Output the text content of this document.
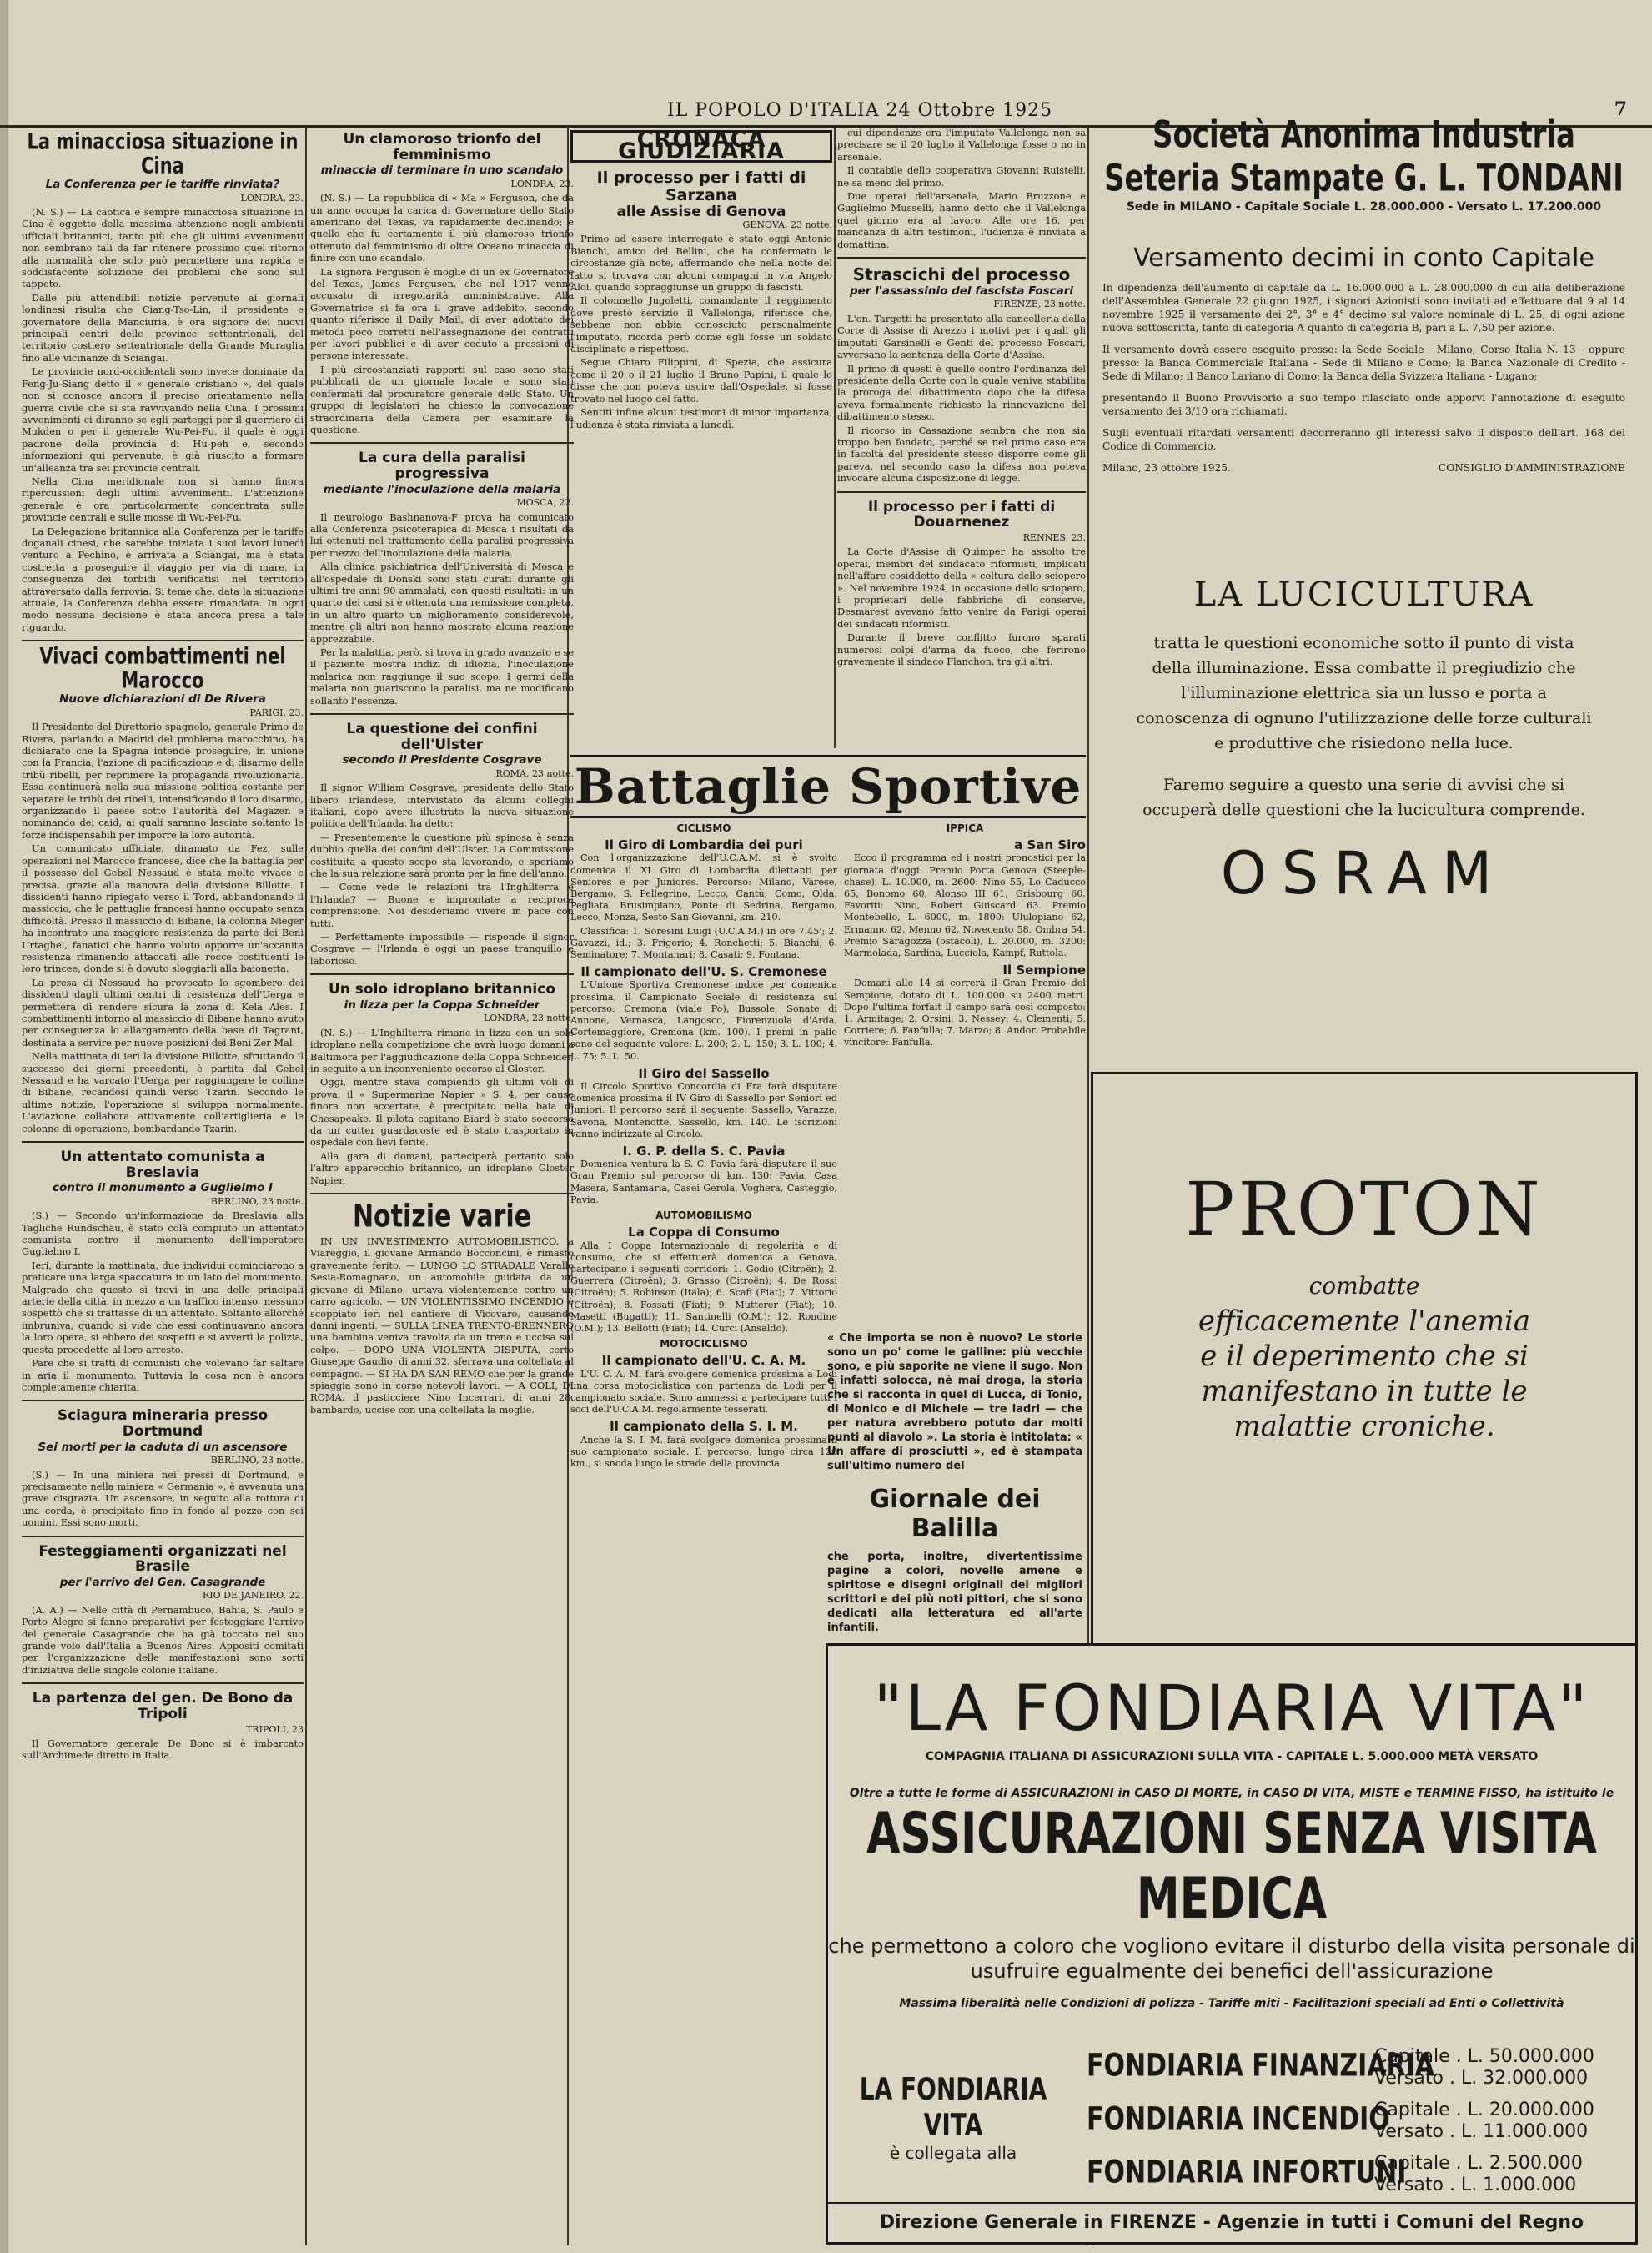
IL POPOLO D'ITALIA 24 Ottobre 1925	7
La minacciosa situazione in Cina
La Conferenza per le tariffe rinviata?
LONDRA, 23.

(N. S.) — La caotica e sempre minacciosa situazione in Cina è oggetto della massima attenzione negli ambienti ufficiali britannici, tanto più che gli ultimi avvenimenti non sembrano tali da far ritenere prossimo quel ritorno alla normalità che solo può permettere una rapida e soddisfacente soluzione dei problemi che sono sul tappeto.

Dalle più attendibili notizie pervenute ai giornali londinesi risulta che Ciang-Tso-Lin, il presidente e governatore della Manciuria, è ora signore dei nuovi principali centri delle province settentrionali, del territorio costiero settentrionale della Grande Muraglia fino alle vicinanze di Sciangai.

Le provincie nord-occidentali sono invece dominate da Feng-Ju-Siang detto il « generale cristiano », del quale non si conosce ancora il preciso orientamento nella guerra civile che si sta ravvivando nella Cina. I prossimi avvenimenti ci diranno se egli parteggi per il guerriero di Mukden o per il generale Wu-Pei-Fu, il quale è oggi padrone della provincia di Hu-peh e, secondo informazioni qui pervenute, è già riuscito a formare un'alleanza tra sei provincie centrali.

Nella Cina meridionale non si hanno finora ripercussioni degli ultimi avvenimenti. L'attenzione generale è ora particolarmente concentrata sulle provincie centrali e sulle mosse di Wu-Pei-Fu.

La Delegazione britannica alla Conferenza per le tariffe doganali cinesi, che sarebbe iniziata i suoi lavori lunedì venturo a Pechino, è arrivata a Sciangai, ma è stata costretta a proseguire il viaggio per via di mare, in conseguenza dei torbidi verificatisi nel territorio attraversato dalla ferrovia. Si teme che, data la situazione attuale, la Conferenza debba essere rimandata. In ogni modo nessuna decisione è stata ancora presa a tale riguardo.

Vivaci combattimenti nel Marocco
Nuove dichiarazioni di De Rivera
PARIGI, 23.

Il Presidente del Direttorio spagnolo, generale Primo de Rivera, parlando a Madrid del problema marocchino, ha dichiarato che la Spagna intende proseguire, in unione con la Francia, l'azione di pacificazione e di disarmo delle tribù ribelli, per reprimere la propaganda rivoluzionaria. Essa continuerà nella sua missione politica costante per separare le tribù dei ribelli, intensificando il loro disarmo, organizzando il paese sotto l'autorità del Magazen e nominando dei caid, ai quali saranno lasciate soltanto le forze indispensabili per imporre la loro autorità.

Un comunicato ufficiale, diramato da Fez, sulle operazioni nel Marocco francese, dice che la battaglia per il possesso del Gebel Nessaud è stata molto vivace e precisa, grazie alla manovra della divisione Billotte. I dissidenti hanno ripiegato verso il Tord, abbandonando il massiccio, che le pattuglie francesi hanno occupato senza difficoltà. Presso il massiccio di Bibane, la colonna Nieger ha incontrato una maggiore resistenza da parte dei Beni Urtaghel, fanatici che hanno voluto opporre un'accanita resistenza rimanendo attaccati alle rocce costituenti le loro trincee, donde si è dovuto sloggiarli alla baionetta.

La presa di Nessaud ha provocato lo sgombero dei dissidenti dagli ultimi centri di resistenza dell'Uerga e permetterà di rendere sicura la zona di Kela Ales. I combattimenti intorno al massiccio di Bibane hanno avuto per conseguenza lo allargamento della base di Tagrant, destinata a servire per nuove posizioni dei Beni Zer Mal.

Nella mattinata di ieri la divisione Billotte, sfruttando il successo dei giorni precedenti, è partita dal Gebel Nessaud e ha varcato l'Uerga per raggiungere le colline di Bibane, recandosi quindi verso Tzarin. Secondo le ultime notizie, l'operazione si sviluppa normalmente. L'aviazione collabora attivamente coll'artiglieria e le colonne di operazione, bombardando Tzarin.

Un attentato comunista a Breslavia
contro il monumento a Guglielmo I
BERLINO, 23 notte.

(S.) — Secondo un'informazione da Breslavia alla Tagliche Rundschau, è stato colà compiuto un attentato comunista contro il monumento dell'imperatore Guglielmo I.

Ieri, durante la mattinata, due individui cominciarono a praticare una larga spaccatura in un lato del monumento. Malgrado che questo si trovi in una delle principali arterie della città, in mezzo a un traffico intenso, nessuno sospettò che si trattasse di un attentato. Soltanto allorché imbruniva, quando si vide che essi continuavano ancora la loro opera, si ebbero dei sospetti e si avvertì la polizia, questa procedette al loro arresto.

Pare che si tratti di comunisti che volevano far saltare in aria il monumento. Tuttavia la cosa non è ancora completamente chiarita.

Sciagura mineraria presso Dortmund
Sei morti per la caduta di un ascensore
BERLINO, 23 notte.

(S.) — In una miniera nei pressi di Dortmund, e precisamente nella miniera « Germania », è avvenuta una grave disgrazia. Un ascensore, in seguito alla rottura di una corda, è precipitato fino in fondo al pozzo con sei uomini. Essi sono morti.

Festeggiamenti organizzati nel Brasile
per l'arrivo del Gen. Casagrande
RIO DE JANEIRO, 22.

(A. A.) — Nelle città di Pernambuco, Bahia, S. Paulo e Porto Alegre si fanno preparativi per festeggiare l'arrivo del generale Casagrande che ha già toccato nel suo grande volo dall'Italia a Buenos Aires. Appositi comitati per l'organizzazione delle manifestazioni sono sorti d'iniziativa delle singole colonie italiane.

La partenza del gen. De Bono da Tripoli
TRIPOLI, 23

Il Governatore generale De Bono si è imbarcato sull'Archimede diretto in Italia.

Un clamoroso trionfo del femminismo
minaccia di terminare in uno scandalo
LONDRA, 23.

(N. S.) — La repubblica di « Ma » Ferguson, che da un anno occupa la carica di Governatore dello Stato americano del Texas, va rapidamente declinando; e quello che fu certamente il più clamoroso trionfo ottenuto dal femminismo di oltre Oceano minaccia di finire con uno scandalo.

La signora Ferguson è moglie di un ex Governatore del Texas, James Ferguson, che nel 1917 venne accusato di irregolarità amministrative. Alla Governatrice si fa ora il grave addebito, secondo quanto riferisce il Daily Mail, di aver adottato dei metodi poco corretti nell'assegnazione dei contratti per lavori pubblici e di aver ceduto a pressioni di persone interessate.

I più circostanziati rapporti sul caso sono stati pubblicati da un giornale locale e sono stati confermati dal procuratore generale dello Stato. Un gruppo di legislatori ha chiesto la convocazione straordinaria della Camera per esaminare la questione.

La cura della paralisi progressiva
mediante l'inoculazione della malaria
MOSCA, 22.

Il neurologo Bashnanova-F prova ha comunicato alla Conferenza psicoterapica di Mosca i risultati da lui ottenuti nel trattamento della paralisi progressiva per mezzo dell'inoculazione della malaria.

Alla clinica psichiatrica dell'Università di Mosca e all'ospedale di Donski sono stati curati durante gli ultimi tre anni 90 ammalati, con questi risultati: in un quarto dei casi si è ottenuta una remissione completa, in un altro quarto un miglioramento considerevole, mentre gli altri non hanno mostrato alcuna reazione apprezzabile.

Per la malattia, però, si trova in grado avanzato e se il paziente mostra indizi di idiozia, l'inoculazione malarica non raggiunge il suo scopo. I germi della malaria non guariscono la paralisi, ma ne modificano sollanto l'essenza.

La questione dei confini dell'Ulster
secondo il Presidente Cosgrave
ROMA, 23 notte.

Il signor William Cosgrave, presidente dello Stato libero irlandese, intervistato da alcuni colleghi italiani, dopo avere illustrato la nuova situazione politica dell'Irlanda, ha detto:

— Presentemente la questione più spinosa è senza dubbio quella dei confini dell'Ulster. La Commissione costituita a questo scopo sta lavorando, e speriamo che la sua relazione sarà pronta per la fine dell'anno.

— Come vede le relazioni tra l'Inghilterra e l'Irlanda? — Buone e improntate a reciproca comprensione. Noi desideriamo vivere in pace con tutti.

— Perfettamente impossibile — risponde il signor Cosgrave — l'Irlanda è oggi un paese tranquillo e laborioso.

Un solo idroplano britannico
in lizza per la Coppa Schneider
LONDRA, 23 notte.

(N. S.) — L'Inghilterra rimane in lizza con un solo idroplano nella competizione che avrà luogo domani a Baltimora per l'aggiudicazione della Coppa Schneider, in seguito a un inconveniente occorso al Gloster.

Oggi, mentre stava compiendo gli ultimi voli di prova, il « Supermarine Napier » S. 4, per cause finora non accertate, è precipitato nella baia di Chesapeake. Il pilota capitano Biard è stato soccorso da un cutter guardacoste ed è stato trasportato in ospedale con lievi ferite.

Alla gara di domani, parteciperà pertanto solo l'altro apparecchio britannico, un idroplano Gloster Napier.

Notizie varie

IN UN INVESTIMENTO AUTOMOBILISTICO, a Viareggio, il giovane Armando Bocconcini, è rimasto gravemente ferito. — LUNGO LO STRADALE Varallo Sesia-Romagnano, un automobile guidata da un giovane di Milano, urtava violentemente contro un carro agricolo. — UN VIOLENTISSIMO INCENDIO è scoppiato ieri nel cantiere di Vicovaro, causando danni ingenti. — SULLA LINEA TRENTO-BRENNERO una bambina veniva travolta da un treno e uccisa sul colpo. — DOPO UNA VIOLENTA DISPUTA, certo Giuseppe Gaudio, di anni 32, sferrava una coltellata al compagno. — SI HA DA SAN REMO che per la grande spiaggia sono in corso notevoli lavori. — A COLI, DI ROMA, il pasticciere Nino Incerrari, di anni 28, bambardo, uccise con una coltellata la moglie.

CRONACA GIUDIZIARIA
Il processo per i fatti di Sarzana
alle Assise di Genova
GENOVA, 23 notte.

Primo ad essere interrogato è stato oggi Antonio Bianchi, amico del Bellini, che ha confermato le circostanze già note, affermando che nella notte del fatto si trovava con alcuni compagni in via Angelo Aloi, quando sopraggiunse un gruppo di fascisti.

Il colonnello Jugoletti, comandante il reggimento dove prestò servizio il Vallelonga, riferisce che, sebbene non abbia conosciuto personalmente l'imputato, ricorda però come egli fosse un soldato disciplinato e rispettoso.

Segue Chiaro Filippini, di Spezia, che assicura come il 20 o il 21 luglio il Bruno Papini, il quale lo disse che non poteva uscire dall'Ospedale, si fosse trovato nel luogo del fatto.

Sentiti infine alcuni testimoni di minor importanza, l'udienza è stata rinviata a lunedì.

cui dipendenze era l'imputato Vallelonga non sa precisare se il 20 luglio il Vallelonga fosse o no in arsenale.

Il contabile dello cooperativa Giovanni Ruistelli, ne sa meno del primo.

Due operai dell'arsenale, Mario Bruzzone e Guglielmo Musselli, hanno detto che il Vallelonga quel giorno era al lavoro. Alle ore 16, per mancanza di altri testimoni, l'udienza è rinviata a domattina.

Strascichi del processo
per l'assassinio del fascista Foscari
FIRENZE, 23 notte.

L'on. Targetti ha presentato alla cancelleria della Corte di Assise di Arezzo i motivi per i quali gli imputati Garsinelli e Genti del processo Foscari, avversano la sentenza della Corte d'Assise.

Il primo di questi è quello contro l'ordinanza del presidente della Corte con la quale veniva stabilita la proroga del dibattimento dopo che la difesa aveva formalmente richiesto la rinnovazione del dibattimento stesso.

Il ricorso in Cassazione sembra che non sia troppo ben fondato, perché se nel primo caso era in facoltà del presidente stesso disporre come gli pareva, nel secondo caso la difesa non poteva invocare alcuna disposizione di legge.

Il processo per i fatti di Douarnenez
RENNES, 23.

La Corte d'Assise di Quimper ha assolto tre operai, membri del sindacato riformisti, implicati nell'affare cosiddetto della « coltura dello sciopero ». Nel novembre 1924, in occasione dello sciopero, i proprietari delle fabbriche di conserve, Desmarest avevano fatto venire da Parigi operai dei sindacati riformisti.

Durante il breve conflitto furono sparati numerosi colpi d'arma da fuoco, che ferirono gravemente il sindaco Flanchon, tra gli altri.

Battaglie Sportive
CICLISMO
Il Giro di Lombardia dei puri

Con l'organizzazione dell'U.C.A.M. si è svolto domenica il XI Giro di Lombardia dilettanti per Seniores e per Juniores. Percorso: Milano, Varese, Bergamo, S. Pellegrino, Lecco, Cantù, Como, Olda, Pegliata, Brusimpiano, Ponte di Sedrina, Bergamo, Lecco, Monza, Sesto San Giovanni, km. 210.

Classifica: 1. Soresini Luigi (U.C.A.M.) in ore 7.45'; 2. Gavazzi, id.; 3. Frigerio; 4. Ronchetti; 5. Bianchi; 6. Seminatore; 7. Montanari; 8. Casati; 9. Fontana.

Il campionato dell'U. S. Cremonese

L'Unione Sportiva Cremonese indice per domenica prossima, il Campionato Sociale di resistenza sul percorso: Cremona (viale Po), Bussole, Sonate di Annone, Vernasca, Langosco, Fiorenzuola d'Arda, Cortemaggiore, Cremona (km. 100). I premi in palio sono del seguente valore: L. 200; 2. L. 150; 3. L. 100; 4. L. 75; 5. L. 50.

Il Giro del Sassello

Il Circolo Sportivo Concordia di Fra farà disputare domenica prossima il IV Giro di Sassello per Seniori ed Juniori. Il percorso sarà il seguente: Sassello, Varazze, Savona, Montenotte, Sassello, km. 140. Le iscrizioni vanno indirizzate al Circolo.

I. G. P. della S. C. Pavia

Domenica ventura la S. C. Pavia farà disputare il suo Gran Premio sul percorso di km. 130: Pavia, Casa Masera, Santamaria, Casei Gerola, Voghera, Casteggio, Pavia.

AUTOMOBILISMO
La Coppa di Consumo

Alla I Coppa Internazionale di regolarità e di consumo, che si effettuerà domenica a Genova, partecipano i seguenti corridori: 1. Godio (Citroën); 2. Guerrera (Citroën); 3. Grasso (Citroën); 4. De Rossi (Citroën); 5. Robinson (Itala); 6. Scafi (Fiat); 7. Vittorio (Citroën); 8. Fossati (Fiat); 9. Mutterer (Fiat); 10. Masetti (Bugatti); 11. Santinelli (O.M.); 12. Rondine (O.M.); 13. Bellotti (Fiat); 14. Curci (Ansaldo).

MOTOCICLISMO
Il campionato dell'U. C. A. M.

L'U. C. A. M. farà svolgere domenica prossima a Lodi una corsa motociclistica con partenza da Lodi per il campionato sociale. Sono ammessi a partecipare tutti i soci dell'U.C.A.M. regolarmente tesserati.

Il campionato della S. I. M.

Anche la S. I. M. farà svolgere domenica prossima il suo campionato sociale. Il percorso, lungo circa 120 km., si snoda lungo le strade della provincia.

IPPICA
a San Siro

Ecco il programma ed i nostri pronostici per la giornata d'oggi: Premio Porta Genova (Steeple-chase), L. 10.000, m. 2600: Nino 55, Lo Caducco 65, Bonomo 60, Alonso III 61, Grisbourg 60. Favoriti: Nino, Robert Guiscard 63. Premio Montebello, L. 6000, m. 1800: Ululopiano 62, Ermanno 62, Menno 62, Novecento 58, Ombra 54. Premio Saragozza (ostacoli), L. 20.000, m. 3200: Marmolada, Sardina, Lucciola, Kampf, Ruttola.

Il Sempione

Domani alle 14 si correrà il Gran Premio del Sempione, dotato di L. 100.000 su 2400 metri. Dopo l'ultima forfait il campo sarà così composto: 1. Armitage; 2. Orsini; 3. Nessey; 4. Clementi; 5. Corriere; 6. Fanfulla; 7. Marzo; 8. Andor. Probabile vincitore: Fanfulla.

« Che importa se non è nuovo? Le storie sono un po' come le galline: più vecchie sono, e più saporite ne viene il sugo. Non è infatti solocca, nè mai droga, la storia che si racconta in quel di Lucca, di Tonio, di Monico e di Michele — tre ladri — che per natura avrebbero potuto dar molti punti al diavolo ». La storia è intitolata: « Un affare di prosciutti », ed è stampata sull'ultimo numero del
Giornale dei Balilla
che porta, inoltre, divertentissime pagine a colori, novelle amene e spiritose e disegni originali dei migliori scrittori e dei più noti pittori, che si sono dedicati alla letteratura ed all'arte infantili.
Società Anonima Industria Seteria Stampate G. L. TONDANI
Sede in MILANO - Capitale Sociale L. 28.000.000 - Versato L. 17.200.000
Versamento decimi in conto Capitale
In dipendenza dell'aumento di capitale da L. 16.000.000 a L. 28.000.000 di cui alla deliberazione dell'Assemblea Generale 22 giugno 1925, i signori Azionisti sono invitati ad effettuare dal 9 al 14 novembre 1925 il versamento dei 2°, 3° e 4° decimo sul valore nominale di L. 25, di ogni azione nuova sottoscritta, tanto di categoria A quanto di categoria B, pari a L. 7,50 per azione.
Il versamento dovrà essere eseguito presso: la Sede Sociale - Milano, Corso Italia N. 13 - oppure presso: la Banca Commerciale Italiana - Sede di Milano e Como; la Banca Nazionale di Credito - Sede di Milano; il Banco Lariano di Como; la Banca della Svizzera Italiana - Lugano;
presentando il Buono Provvisorio a suo tempo rilasciato onde apporvi l'annotazione di eseguito versamento dei 3/10 ora richiamati.
Sugli eventuali ritardati versamenti decorreranno gli interessi salvo il disposto dell'art. 168 del Codice di Commercio.
Milano, 23 ottobre 1925.	CONSIGLIO D'AMMINISTRAZIONE
LA LUCICULTURA
tratta le questioni economiche sotto il punto di vista della illuminazione. Essa combatte il pregiudizio che l'illuminazione elettrica sia un lusso e porta a conoscenza di ognuno l'utilizzazione delle forze culturali e produttive che risiedono nella luce.
Faremo seguire a questo una serie di avvisi che si occuperà delle questioni che la lucicultura comprende.
OSRAM
PROTON
combatte
efficacemente l'anemia
e il deperimento che si
manifestano in tutte le
malattie croniche.
"LA FONDIARIA VITA"
COMPAGNIA ITALIANA DI ASSICURAZIONI SULLA VITA - CAPITALE L. 5.000.000 METÀ VERSATO
Oltre a tutte le forme di ASSICURAZIONI in CASO DI MORTE, in CASO DI VITA, MISTE e TERMINE FISSO, ha istituito le
ASSICURAZIONI SENZA VISITA MEDICA
che permettono a coloro che vogliono evitare il disturbo della visita personale di usufruire egualmente dei benefici dell'assicurazione
Massima liberalità nelle Condizioni di polizza - Tariffe miti - Facilitazioni speciali ad Enti o Collettività
LA FONDIARIA VITA
è collegata alla
FONDIARIA FINANZIARIA
Capitale . L. 50.000.000
Versato . L. 32.000.000
FONDIARIA INCENDIO
Capitale . L. 20.000.000
Versato . L. 11.000.000
FONDIARIA INFORTUNI
Capitale . L. 2.500.000
Versato . L. 1.000.000
Direzione Generale in FIRENZE - Agenzie in tutti i Comuni del Regno
